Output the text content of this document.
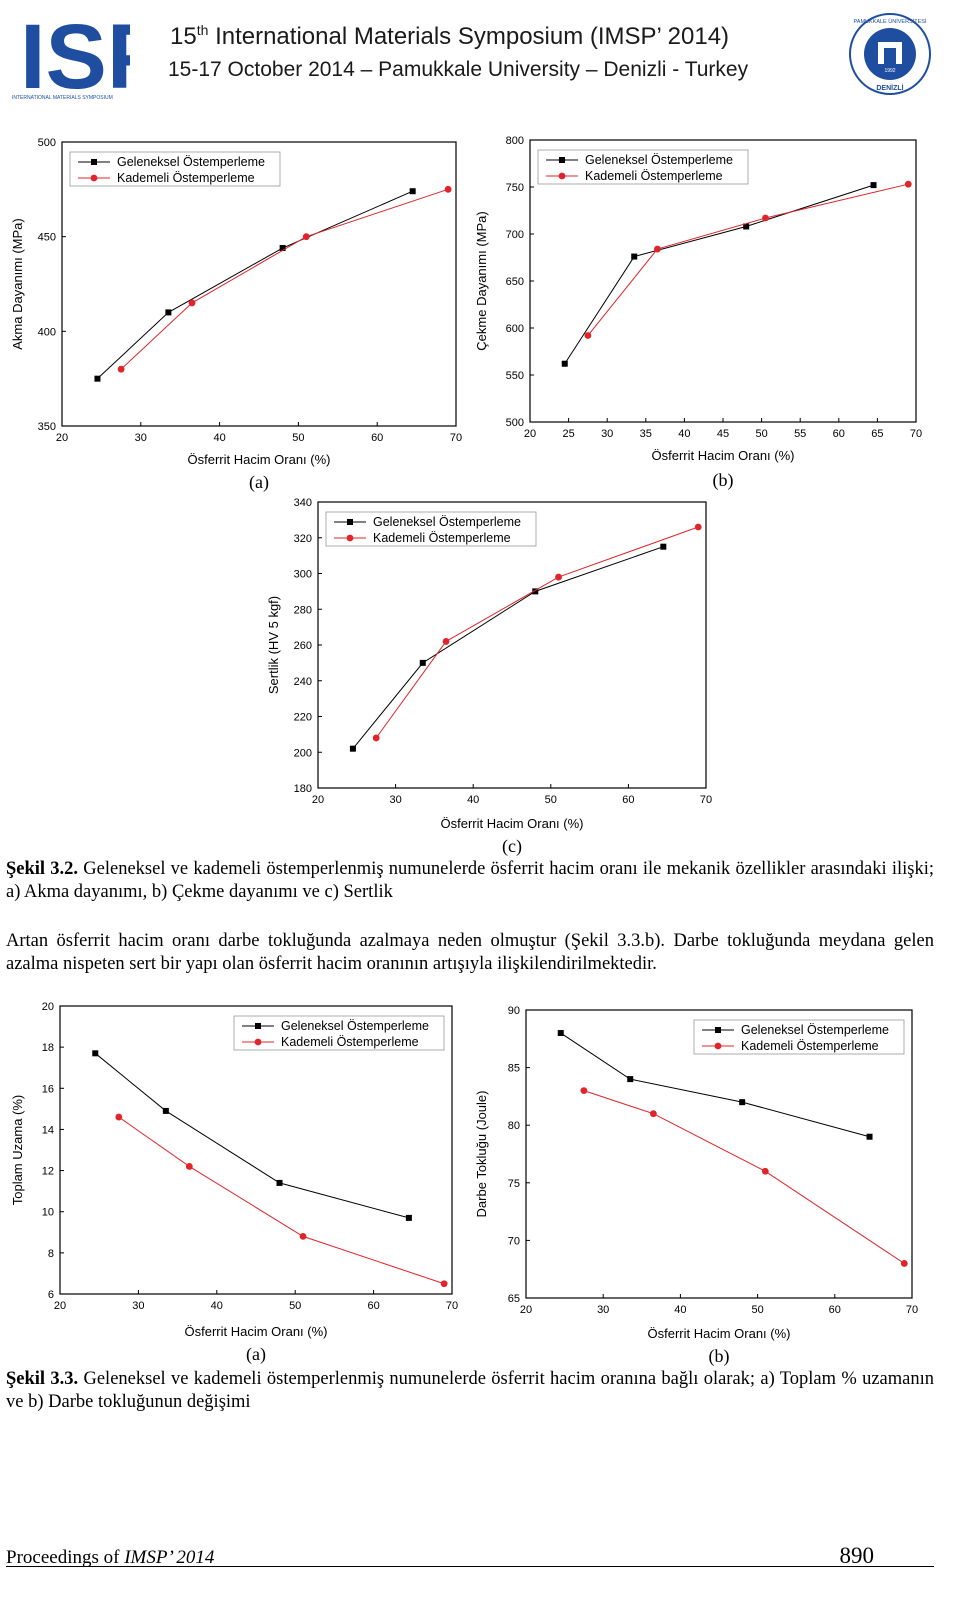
IS
INTERNATIONAL MATERIALS SYMPOSIUM
PAMUKKALE UNIVERSITY	15th International Materials Symposium (IMSP’ 2014)
15-17 October 2014 – Pamukkale University – Denizli - Turkey	1992
DENİZLİ
PAMUKKALE ÜNİVERSİTESİ
20	30	40	50	60	70
350
400
450
500
Ösferrit Hacim Oranı (%)
Akma Dayanımı (MPa)
(a)
Geleneksel Östemperleme
Kademeli Östemperleme
20 25 30 35 40 45 50 55 60 65 70
500
550
600
650
700
750
800
Ösferrit Hacim Oranı (%)
Çekme Dayanımı (MPa)
(b)
Geleneksel Östemperleme
Kademeli Östemperleme
20	30	40	50	60	70
180
200
220
240
260
280
300
320
340
Ösferrit Hacim Oranı (%)
Sertlik (HV 5 kgf)
(c)
Geleneksel Östemperleme
Kademeli Östemperleme
Şekil 3.2. Geleneksel ve kademeli östemperlenmiş numunelerde ösferrit hacim oranı ile mekanik özellikler arasındaki ilişki; a) Akma dayanımı, b) Çekme dayanımı ve c) Sertlik
Artan ösferrit hacim oranı darbe tokluğunda azalmaya neden olmuştur (Şekil 3.3.b). Darbe tokluğunda meydana gelen azalma nispeten sert bir yapı olan ösferrit hacim oranının artışıyla ilişkilendirilmektedir.
20	30	40	50	60	70
6
8
10
12
14
16
18
20
Ösferrit Hacim Oranı (%)
Toplam Uzama (%)
(a)
Geleneksel Östemperleme
Kademeli Östemperleme
20	30	40	50	60	70
65
70
75
80
85
90
Ösferrit Hacim Oranı (%)
Darbe Tokluğu (Joule)
(b)
Geleneksel Östemperleme
Kademeli Östemperleme
Şekil 3.3. Geleneksel ve kademeli östemperlenmiş numunelerde ösferrit hacim oranına bağlı olarak; a) Toplam % uzamanın ve b) Darbe tokluğunun değişimi
Proceedings of IMSP’ 2014	890
